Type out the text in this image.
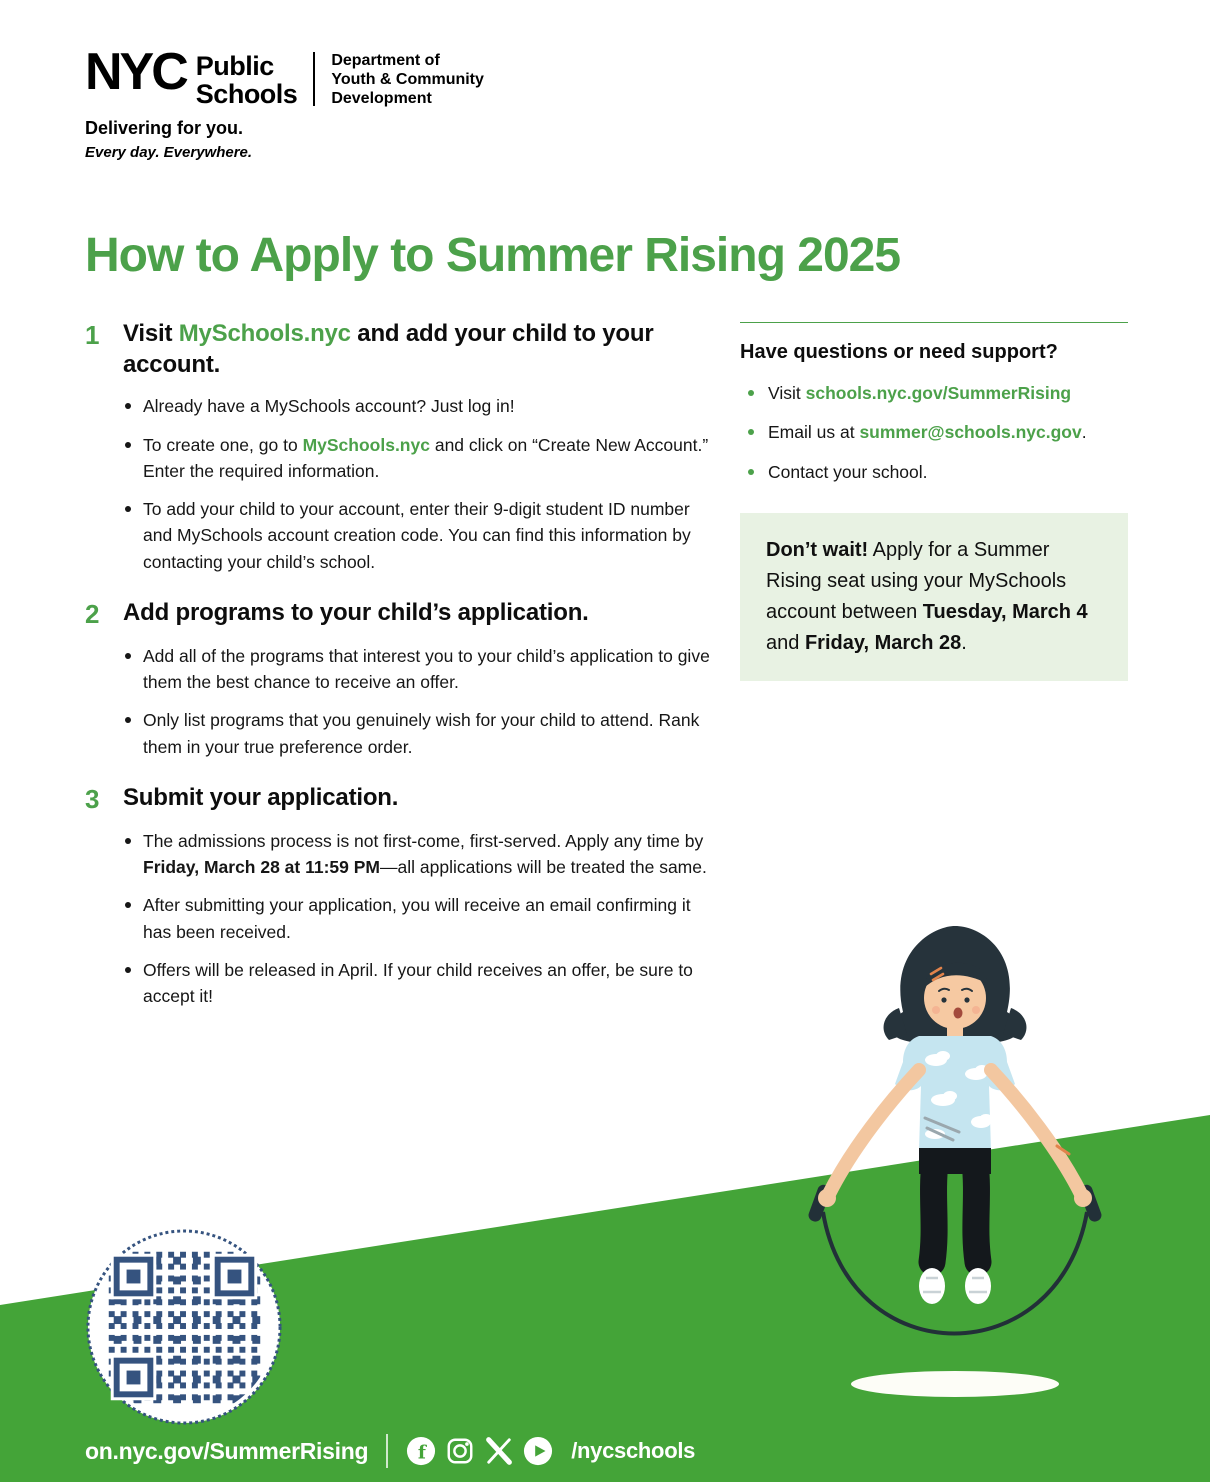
NYC Public
Schools
Department of
Youth & Community
Development
Delivering for you.
Every day. Everywhere.
How to Apply to Summer Rising 2025
1 Visit MySchools.nyc and add your child to your account.
Already have a MySchools account? Just log in!
To create one, go to MySchools.nyc and click on “Create New Account.” Enter the required information.
To add your child to your account, enter their 9-digit student ID number and MySchools account creation code. You can find this information by contacting your child’s school.
2 Add programs to your child’s application.
Add all of the programs that interest you to your child’s application to give them the best chance to receive an offer.
Only list programs that you genuinely wish for your child to attend. Rank them in your true preference order.
3 Submit your application.
The admissions process is not first-come, first-served. Apply any time by Friday, March 28 at 11:59 PM—all applications will be treated the same.
After submitting your application, you will receive an email confirming it has been received.
Offers will be released in April. If your child receives an offer, be sure to accept it!
Have questions or need support?
Visit schools.nyc.gov/SummerRising
Email us at summer@schools.nyc.gov.
Contact your school.
Don’t wait! Apply for a Summer Rising seat using your MySchools account between Tuesday, March 4 and Friday, March 28.
on.nyc.gov/SummerRising f	/nycschools
